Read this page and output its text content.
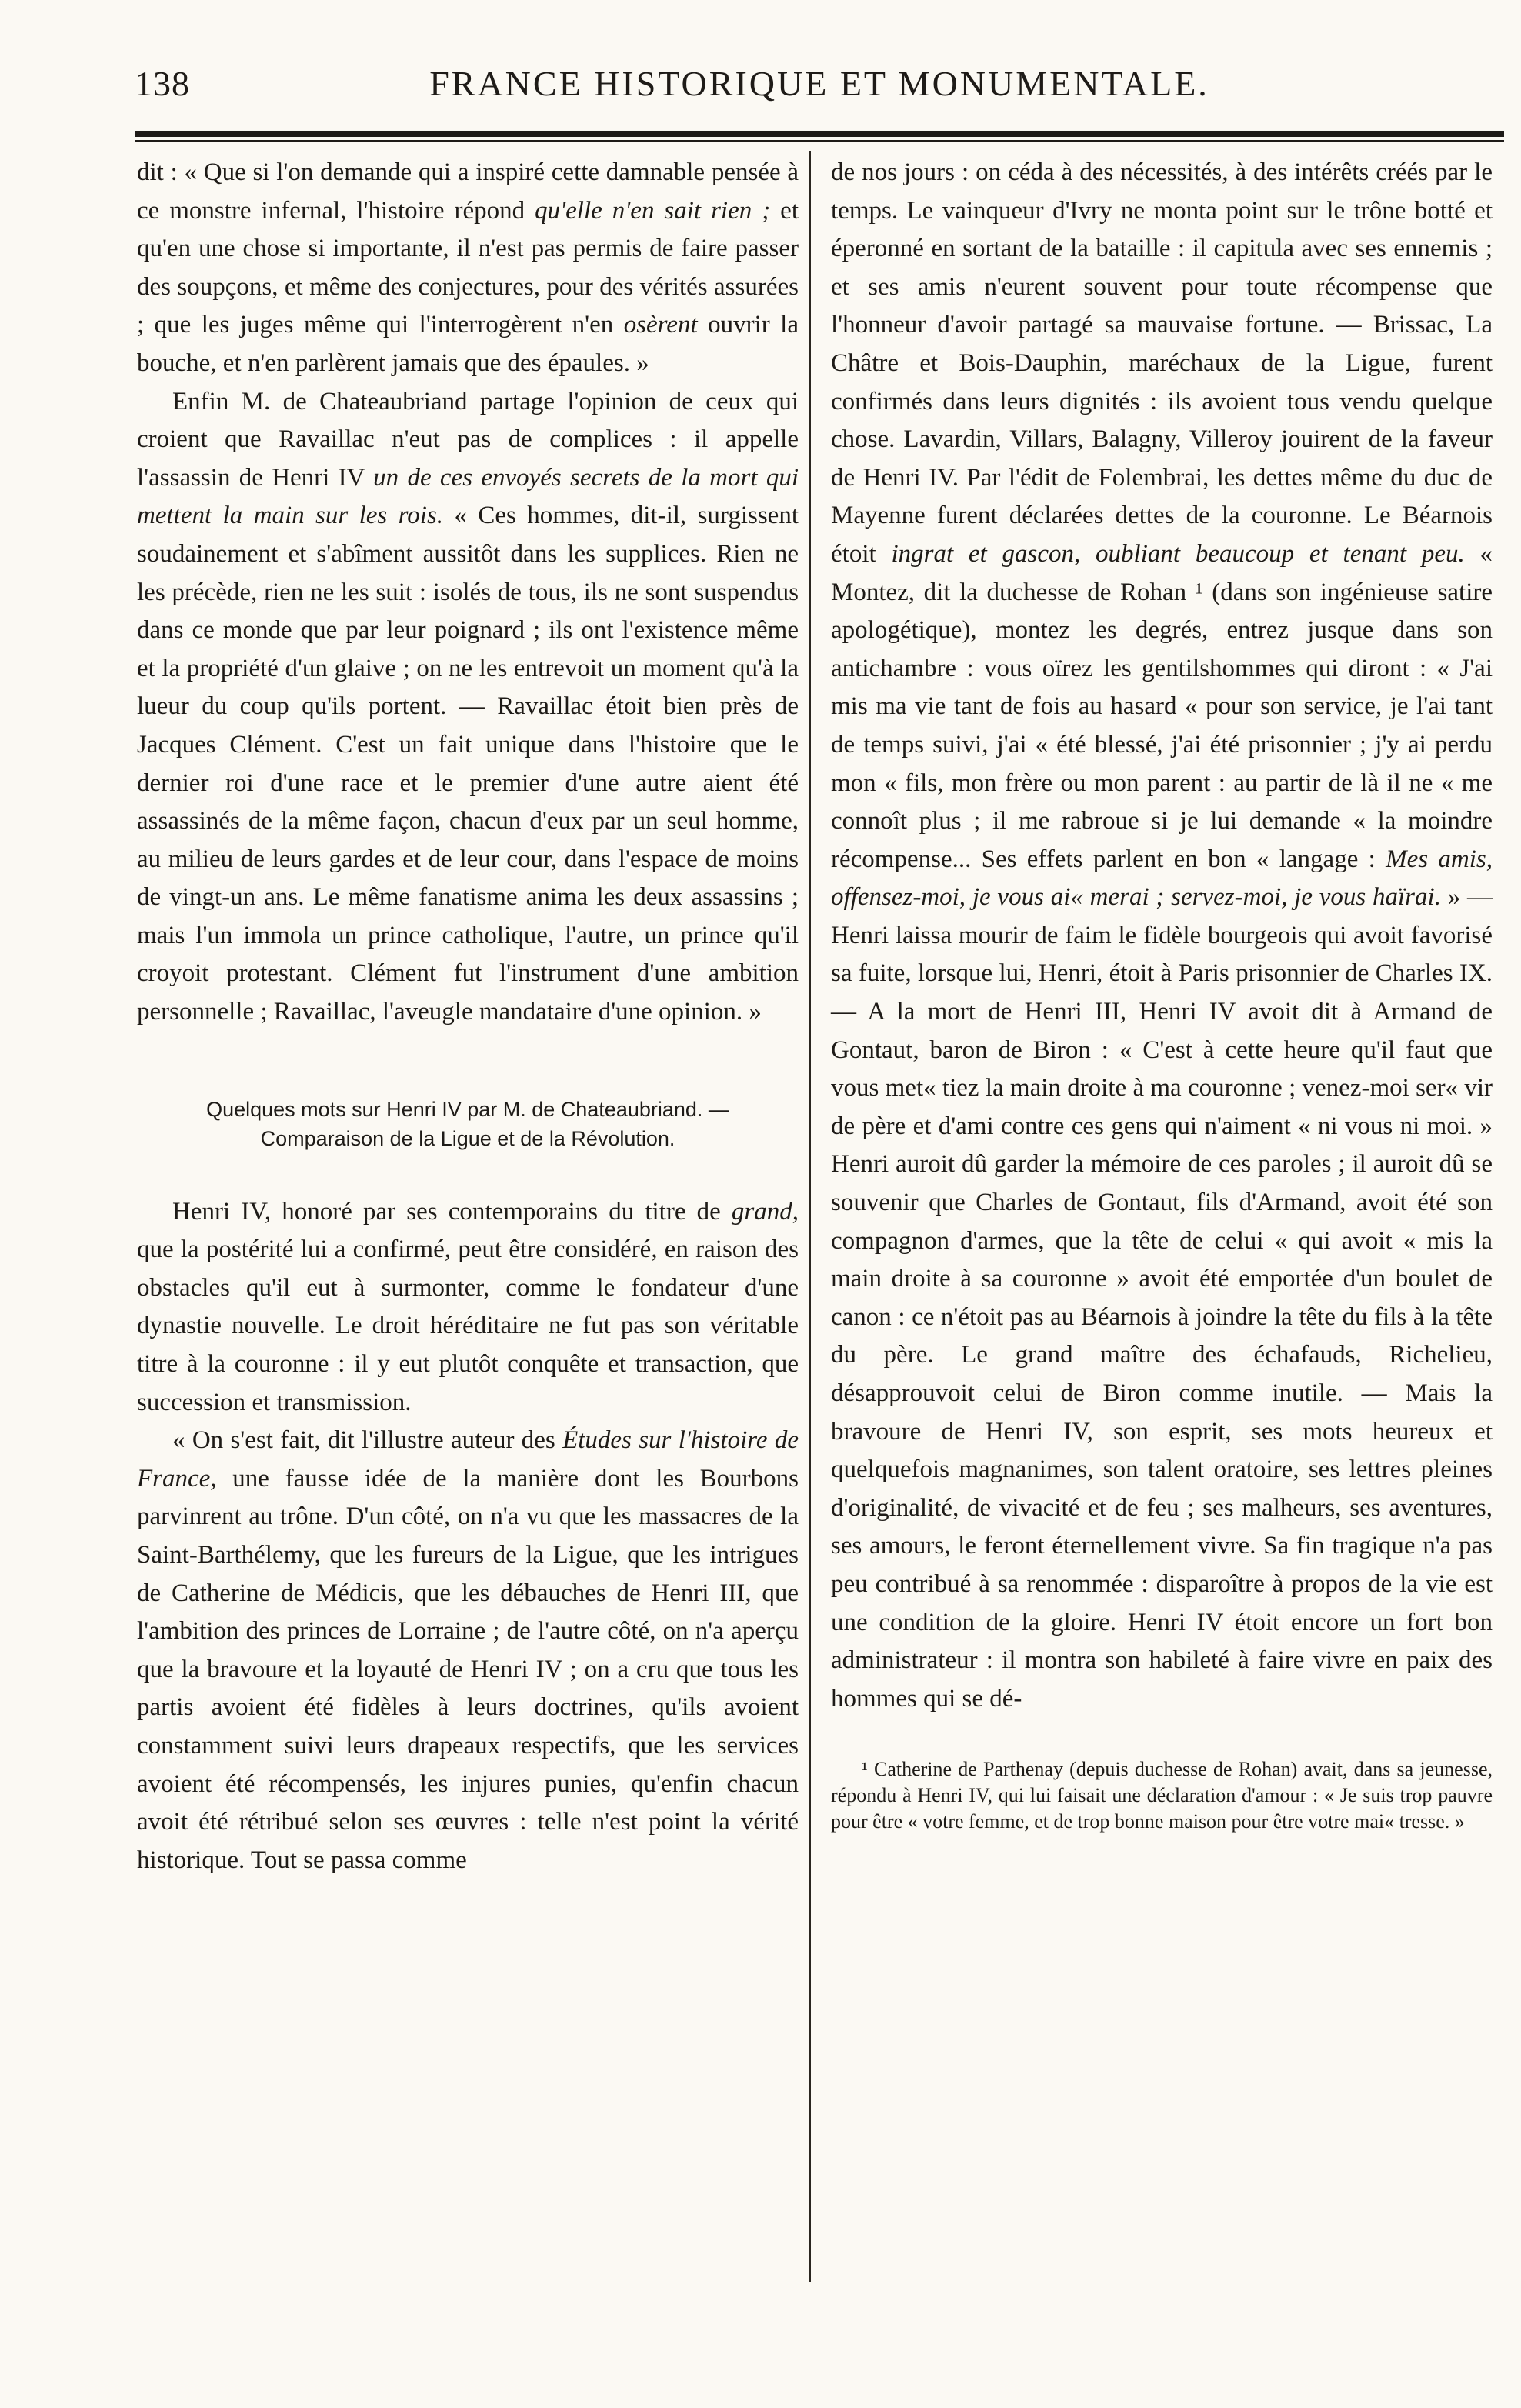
138	FRANCE HISTORIQUE ET MONUMENTALE.

dit : « Que si l'on demande qui a inspiré cette damnable pensée à ce monstre infernal, l'histoire répond qu'elle n'en sait rien ; et qu'en une chose si importante, il n'est pas permis de faire passer des soupçons, et même des conjectures, pour des vérités assurées ; que les juges même qui l'interrogèrent n'en osèrent ouvrir la bouche, et n'en parlèrent jamais que des épaules. »

Enfin M. de Chateaubriand partage l'opinion de ceux qui croient que Ravaillac n'eut pas de complices : il appelle l'assassin de Henri IV un de ces envoyés secrets de la mort qui mettent la main sur les rois. « Ces hommes, dit-il, surgissent soudainement et s'abîment aussitôt dans les supplices. Rien ne les précède, rien ne les suit : isolés de tous, ils ne sont suspendus dans ce monde que par leur poignard ; ils ont l'existence même et la propriété d'un glaive ; on ne les entrevoit un moment qu'à la lueur du coup qu'ils portent. — Ravaillac étoit bien près de Jacques Clément. C'est un fait unique dans l'histoire que le dernier roi d'une race et le premier d'une autre aient été assassinés de la même façon, chacun d'eux par un seul homme, au milieu de leurs gardes et de leur cour, dans l'espace de moins de vingt-un ans. Le même fanatisme anima les deux assassins ; mais l'un immola un prince catholique, l'autre, un prince qu'il croyoit protestant. Clément fut l'instrument d'une ambition personnelle ; Ravaillac, l'aveugle mandataire d'une opinion. »

Quelques mots sur Henri IV par M. de Chateaubriand. —
Comparaison de la Ligue et de la Révolution.

Henri IV, honoré par ses contemporains du titre de grand, que la postérité lui a confirmé, peut être considéré, en raison des obstacles qu'il eut à surmonter, comme le fondateur d'une dynastie nouvelle. Le droit héréditaire ne fut pas son véritable titre à la couronne : il y eut plutôt conquête et transaction, que succession et transmission.

« On s'est fait, dit l'illustre auteur des Études sur l'histoire de France, une fausse idée de la manière dont les Bourbons parvinrent au trône. D'un côté, on n'a vu que les massacres de la Saint-Barthélemy, que les fureurs de la Ligue, que les intrigues de Catherine de Médicis, que les débauches de Henri III, que l'ambition des princes de Lorraine ; de l'autre côté, on n'a aperçu que la bravoure et la loyauté de Henri IV ; on a cru que tous les partis avoient été fidèles à leurs doctrines, qu'ils avoient constamment suivi leurs drapeaux respectifs, que les services avoient été récompensés, les injures punies, qu'enfin chacun avoit été rétribué selon ses œuvres : telle n'est point la vérité historique. Tout se passa comme

de nos jours : on céda à des nécessités, à des intérêts créés par le temps. Le vainqueur d'Ivry ne monta point sur le trône botté et éperonné en sortant de la bataille : il capitula avec ses ennemis ; et ses amis n'eurent souvent pour toute récompense que l'honneur d'avoir partagé sa mauvaise fortune. — Brissac, La Châtre et Bois-Dauphin, maréchaux de la Ligue, furent confirmés dans leurs dignités : ils avoient tous vendu quelque chose. Lavardin, Villars, Balagny, Villeroy jouirent de la faveur de Henri IV. Par l'édit de Folembrai, les dettes même du duc de Mayenne furent déclarées dettes de la couronne. Le Béarnois étoit ingrat et gascon, oubliant beaucoup et tenant peu. « Montez, dit la duchesse de Rohan ¹ (dans son ingénieuse satire apologétique), montez les degrés, entrez jusque dans son antichambre : vous oïrez les gentilshommes qui diront : « J'ai mis ma vie tant de fois au hasard « pour son service, je l'ai tant de temps suivi, j'ai « été blessé, j'ai été prisonnier ; j'y ai perdu mon « fils, mon frère ou mon parent : au partir de là il ne « me connoît plus ; il me rabroue si je lui demande « la moindre récompense... Ses effets parlent en bon « langage : Mes amis, offensez-moi, je vous ai« merai ; servez-moi, je vous haïrai. » — Henri laissa mourir de faim le fidèle bourgeois qui avoit favorisé sa fuite, lorsque lui, Henri, étoit à Paris prisonnier de Charles IX. — A la mort de Henri III, Henri IV avoit dit à Armand de Gontaut, baron de Biron : « C'est à cette heure qu'il faut que vous met« tiez la main droite à ma couronne ; venez-moi ser« vir de père et d'ami contre ces gens qui n'aiment « ni vous ni moi. » Henri auroit dû garder la mémoire de ces paroles ; il auroit dû se souvenir que Charles de Gontaut, fils d'Armand, avoit été son compagnon d'armes, que la tête de celui « qui avoit « mis la main droite à sa couronne » avoit été emportée d'un boulet de canon : ce n'étoit pas au Béarnois à joindre la tête du fils à la tête du père. Le grand maître des échafauds, Richelieu, désapprouvoit celui de Biron comme inutile. — Mais la bravoure de Henri IV, son esprit, ses mots heureux et quelquefois magnanimes, son talent oratoire, ses lettres pleines d'originalité, de vivacité et de feu ; ses malheurs, ses aventures, ses amours, le feront éternellement vivre. Sa fin tragique n'a pas peu contribué à sa renommée : disparoître à propos de la vie est une condition de la gloire. Henri IV étoit encore un fort bon administrateur : il montra son habileté à faire vivre en paix des hommes qui se dé-

¹ Catherine de Parthenay (depuis duchesse de Rohan) avait, dans sa jeunesse, répondu à Henri IV, qui lui faisait une déclaration d'amour : « Je suis trop pauvre pour être « votre femme, et de trop bonne maison pour être votre mai« tresse. »
